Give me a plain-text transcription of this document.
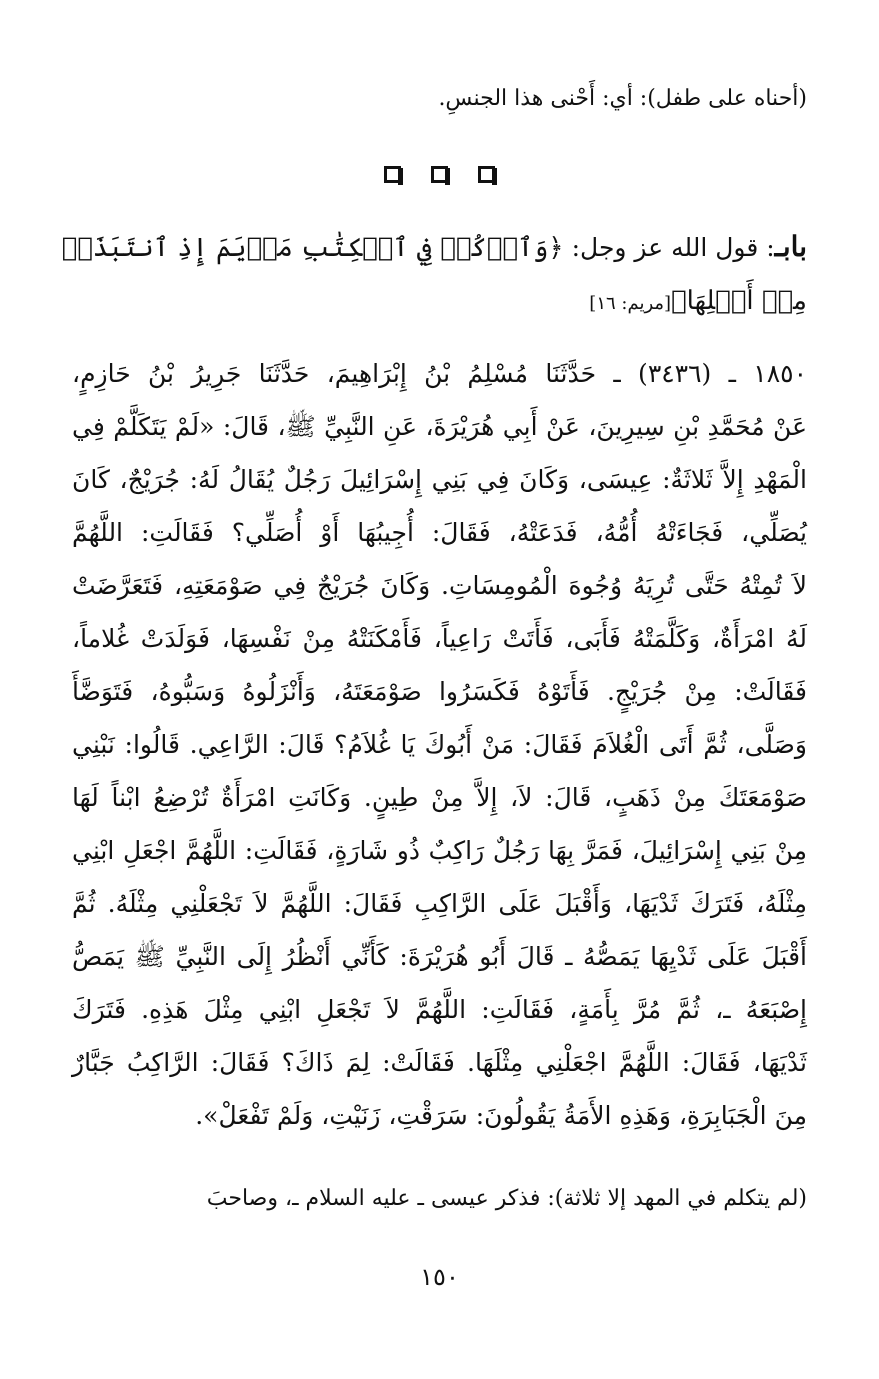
(أحناه على طفل): أي: أَحْنى هذا الجنسِ.
بابـ: قول الله عز وجل: ﴿وَٱذۡكُرۡ فِي ٱلۡكِتَٰبِ مَرۡيَمَ إِذِ ٱنتَبَذَتۡ
مِنۡ أَهۡلِهَا﴾[مريم: ١٦]
١٨٥٠ ـ (٣٤٣٦) ـ حَدَّثَنَا مُسْلِمُ بْنُ إِبْرَاهِيمَ، حَدَّثَنَا جَرِيرُ بْنُ حَازِمٍ،
عَنْ مُحَمَّدِ بْنِ سِيرِينَ، عَنْ أَبِي هُرَيْرَةَ، عَنِ النَّبِيِّ ﷺ، قَالَ: «لَمْ يَتَكَلَّمْ فِي
الْمَهْدِ إِلاَّ ثَلاثَةٌ: عِيسَى، وَكَانَ فِي بَنِي إِسْرَائِيلَ رَجُلٌ يُقَالُ لَهُ: جُرَيْجٌ، كَانَ
يُصَلِّي، فَجَاءَتْهُ أُمُّهُ، فَدَعَتْهُ، فَقَالَ: أُجِيبُهَا أَوْ أُصَلِّي؟ فَقَالَتِ: اللَّهُمَّ
لاَ تُمِتْهُ حَتَّى تُرِيَهُ وُجُوهَ الْمُومِسَاتِ. وَكَانَ جُرَيْجٌ فِي صَوْمَعَتِهِ، فَتَعَرَّضَتْ
لَهُ امْرَأَةٌ، وَكَلَّمَتْهُ فَأَبَى، فَأَتَتْ رَاعِياً، فَأَمْكَنَتْهُ مِنْ نَفْسِهَا، فَوَلَدَتْ غُلاماً،
فَقَالَتْ: مِنْ جُرَيْجٍ. فَأَتَوْهُ فَكَسَرُوا صَوْمَعَتَهُ، وَأَنْزَلُوهُ وَسَبُّوهُ، فَتَوَضَّأَ
وَصَلَّى، ثُمَّ أَتَى الْغُلاَمَ فَقَالَ: مَنْ أَبُوكَ يَا غُلاَمُ؟ قَالَ: الرَّاعِي. قَالُوا: نَبْنِي
صَوْمَعَتَكَ مِنْ ذَهَبٍ، قَالَ: لاَ، إِلاَّ مِنْ طِينٍ. وَكَانَتِ امْرَأَةٌ تُرْضِعُ ابْناً لَهَا
مِنْ بَنِي إِسْرَائِيلَ، فَمَرَّ بِهَا رَجُلٌ رَاكِبٌ ذُو شَارَةٍ، فَقَالَتِ: اللَّهُمَّ اجْعَلِ ابْنِي
مِثْلَهُ، فَتَرَكَ ثَدْيَهَا، وَأَقْبَلَ عَلَى الرَّاكِبِ فَقَالَ: اللَّهُمَّ لاَ تَجْعَلْنِي مِثْلَهُ. ثُمَّ
أَقْبَلَ عَلَى ثَدْيِهَا يَمَصُّهُ ـ قَالَ أَبُو هُرَيْرَةَ: كَأَنِّي أَنْظُرُ إِلَى النَّبِيِّ ﷺ يَمَصُّ
إِصْبَعَهُ ـ، ثُمَّ مُرَّ بِأَمَةٍ، فَقَالَتِ: اللَّهُمَّ لاَ تَجْعَلِ ابْنِي مِثْلَ هَذِهِ. فَتَرَكَ
ثَدْيَهَا، فَقَالَ: اللَّهُمَّ اجْعَلْنِي مِثْلَهَا. فَقَالَتْ: لِمَ ذَاكَ؟ فَقَالَ: الرَّاكِبُ جَبَّارٌ
مِنَ الْجَبَابِرَةِ، وَهَذِهِ الأَمَةُ يَقُولُونَ: سَرَقْتِ، زَنَيْتِ، وَلَمْ تَفْعَلْ».
(لم يتكلم في المهد إلا ثلاثة): فذكر عيسى ـ عليه السلام ـ، وصاحبَ
١٥٠
